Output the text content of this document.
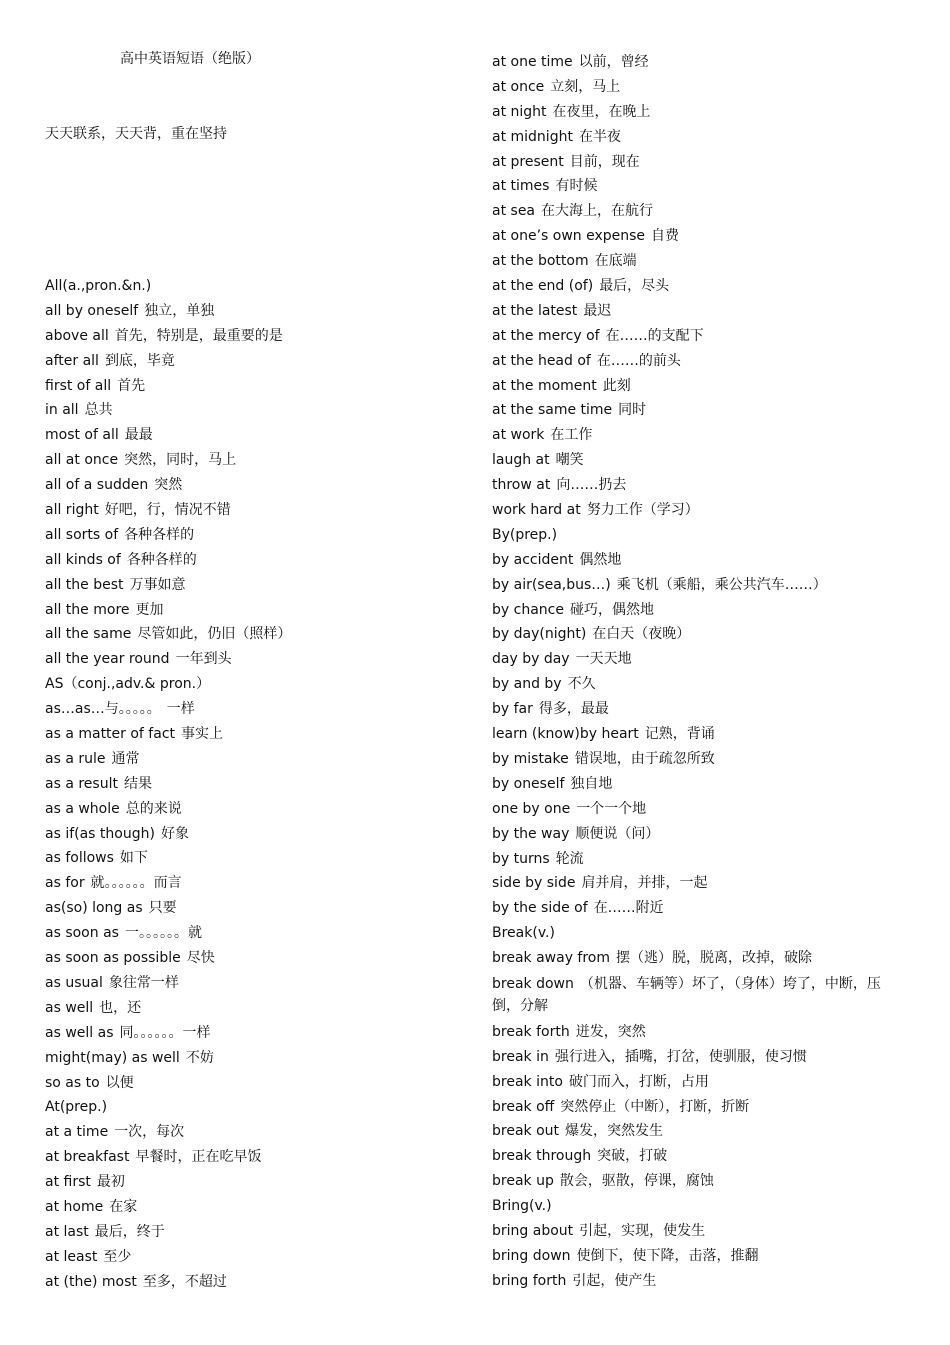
高中英语短语（绝版）
天天联系，天天背，重在坚持
All(a.,pron.&n.)
all by oneself 独立，单独
above all 首先，特别是，最重要的是
after all 到底，毕竟
first of all 首先
in all 总共
most of all 最最
all at once 突然，同时，马上
all of a sudden 突然
all right 好吧，行，情况不错
all sorts of 各种各样的
all kinds of 各种各样的
all the best 万事如意
all the more 更加
all the same 尽管如此，仍旧（照样）
all the year round 一年到头
AS（conj.,adv.& pron.）
as…as…与。。。。。 一样
as a matter of fact 事实上
as a rule 通常
as a result 结果
as a whole 总的来说
as if(as though) 好象
as follows 如下
as for 就。。。。。。而言
as(so) long as 只要
as soon as 一。。。。。。就
as soon as possible 尽快
as usual 象往常一样
as well 也，还
as well as 同。。。。。。一样
might(may) as well 不妨
so as to 以便
At(prep.)
at a time 一次，每次
at breakfast 早餐时，正在吃早饭
at first 最初
at home 在家
at last 最后，终于
at least 至少
at (the) most 至多，不超过
at one time 以前，曾经
at once 立刻，马上
at night 在夜里，在晚上
at midnight 在半夜
at present 目前，现在
at times 有时候
at sea 在大海上，在航行
at one’s own expense 自费
at the bottom 在底端
at the end (of) 最后，尽头
at the latest 最迟
at the mercy of 在……的支配下
at the head of 在……的前头
at the moment 此刻
at the same time 同时
at work 在工作
laugh at 嘲笑
throw at 向……扔去
work hard at 努力工作（学习）
By(prep.)
by accident 偶然地
by air(sea,bus…) 乘飞机（乘船，乘公共汽车……）
by chance 碰巧，偶然地
by day(night) 在白天（夜晚）
day by day 一天天地
by and by 不久
by far 得多，最最
learn (know)by heart 记熟，背诵
by mistake 错误地，由于疏忽所致
by oneself 独自地
one by one 一个一个地
by the way 顺便说（问）
by turns 轮流
side by side 肩并肩，并排，一起
by the side of 在……附近
Break(v.)
break away from 摆（逃）脱，脱离，改掉，破除
break down （机器、车辆等）坏了，（身体）垮了，中断，压倒，分解
break forth 迸发，突然
break in 强行进入，插嘴，打岔，使驯服，使习惯
break into 破门而入，打断，占用
break off 突然停止（中断），打断，折断
break out 爆发，突然发生
break through 突破，打破
break up 散会，驱散，停课，腐蚀
Bring(v.)
bring about 引起，实现，使发生
bring down 使倒下，使下降，击落，推翻
bring forth 引起，使产生
